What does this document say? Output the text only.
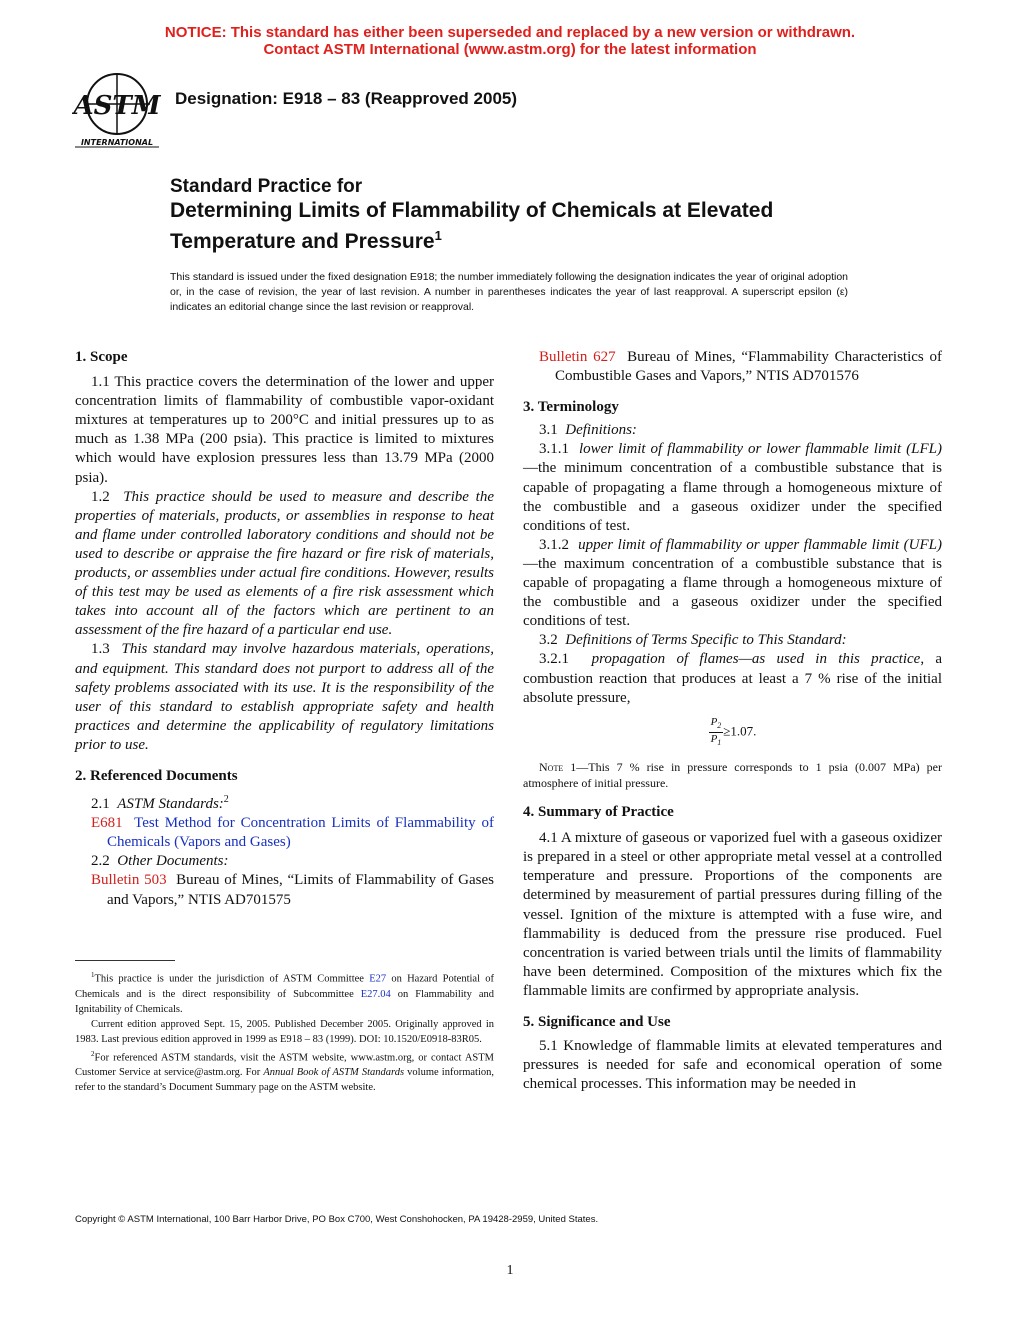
NOTICE: This standard has either been superseded and replaced by a new version or withdrawn.
Contact ASTM International (www.astm.org) for the latest information
ASTM
INTERNATIONAL
Designation: E918 – 83 (Reapproved 2005)
Standard Practice for
Determining Limits of Flammability of Chemicals at Elevated
Temperature and Pressure$^1$
This standard is issued under the fixed designation E918; the number immediately following the designation indicates the year of original adoption or, in the case of revision, the year of last revision. A number in parentheses indicates the year of last reapproval. A superscript epsilon (ε) indicates an editorial change since the last revision or reapproval.

1. Scope

1.1 This practice covers the determination of the lower and upper concentration limits of flammability of combustible vapor-oxidant mixtures at temperatures up to 200°C and initial pressures up to as much as 1.38 MPa (200 psia). This practice is limited to mixtures which would have explosion pressures less than 13.79 MPa (2000 psia).

1.2 This practice should be used to measure and describe the properties of materials, products, or assemblies in response to heat and flame under controlled laboratory conditions and should not be used to describe or appraise the fire hazard or fire risk of materials, products, or assemblies under actual fire conditions. However, results of this test may be used as elements of a fire risk assessment which takes into account all of the factors which are pertinent to an assessment of the fire hazard of a particular end use.

1.3 This standard may involve hazardous materials, operations, and equipment. This standard does not purport to address all of the safety problems associated with its use. It is the responsibility of the user of this standard to establish appropriate safety and health practices and determine the applicability of regulatory limitations prior to use.

2. Referenced Documents

2.1 ASTM Standards:$^2$

E681 Test Method for Concentration Limits of Flammability of Chemicals (Vapors and Gases)

2.2 Other Documents:

Bulletin 503 Bureau of Mines, “Limits of Flammability of Gases and Vapors,” NTIS AD701575

$^1$This practice is under the jurisdiction of ASTM Committee E27 on Hazard Potential of Chemicals and is the direct responsibility of Subcommittee E27.04 on Flammability and Ignitability of Chemicals.

Current edition approved Sept. 15, 2005. Published December 2005. Originally approved in 1983. Last previous edition approved in 1999 as E918 – 83 (1999). DOI: 10.1520/E0918-83R05.

$^2$For referenced ASTM standards, visit the ASTM website, www.astm.org, or contact ASTM Customer Service at service@astm.org. For Annual Book of ASTM Standards volume information, refer to the standard’s Document Summary page on the ASTM website.

Bulletin 627 Bureau of Mines, “Flammability Characteristics of Combustible Gases and Vapors,” NTIS AD701576

3. Terminology

3.1 Definitions:

3.1.1 lower limit of flammability or lower flammable limit (LFL)—the minimum concentration of a combustible substance that is capable of propagating a flame through a homogeneous mixture of the combustible and a gaseous oxidizer under the specified conditions of test.

3.1.2 upper limit of flammability or upper flammable limit (UFL)—the maximum concentration of a combustible substance that is capable of propagating a flame through a homogeneous mixture of the combustible and a gaseous oxidizer under the specified conditions of test.

3.2 Definitions of Terms Specific to This Standard:

3.2.1 propagation of flames—as used in this practice, a combustion reaction that produces at least a 7 % rise of the initial absolute pressure,

$\frac{P_2}{P_1}\ge 1.07$.

Note 1—This 7 % rise in pressure corresponds to 1 psia (0.007 MPa) per atmosphere of initial pressure.

4. Summary of Practice

4.1 A mixture of gaseous or vaporized fuel with a gaseous oxidizer is prepared in a steel or other appropriate metal vessel at a controlled temperature and pressure. Proportions of the components are determined by measurement of partial pressures during filling of the vessel. Ignition of the mixture is attempted with a fuse wire, and flammability is deduced from the pressure rise produced. Fuel concentration is varied between trials until the limits of flammability have been determined. Composition of the mixtures which fix the flammable limits are confirmed by appropriate analysis.

5. Significance and Use

5.1 Knowledge of flammable limits at elevated temperatures and pressures is needed for safe and economical operation of some chemical processes. This information may be needed in

Copyright © ASTM International, 100 Barr Harbor Drive, PO Box C700, West Conshohocken, PA 19428-2959, United States.
1
